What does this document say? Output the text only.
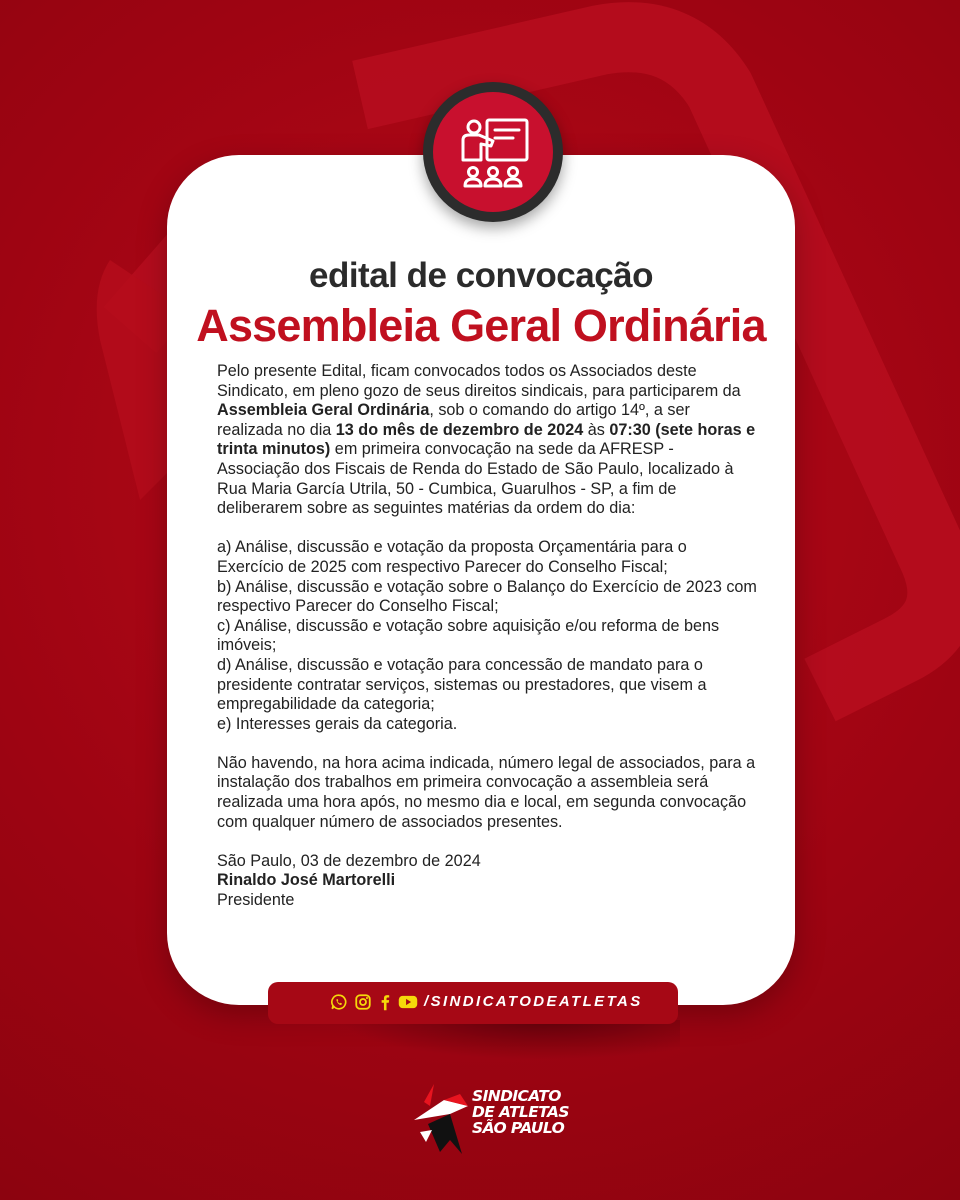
edital de convocação
Assembleia Geral Ordinária

Pelo presente Edital, ficam convocados todos os Associados deste Sindicato, em pleno gozo de seus direitos sindicais, para participarem da Assembleia Geral Ordinária, sob o comando do artigo 14º, a ser realizada no dia 13 do mês de dezembro de 2024 às 07:30 (sete horas e trinta minutos) em primeira convocação na sede da AFRESP - Associação dos Fiscais de Renda do Estado de São Paulo, localizado à Rua Maria García Utrila, 50 - Cumbica, Guarulhos - SP, a fim de deliberarem sobre as seguintes matérias da ordem do dia:

a) Análise, discussão e votação da proposta Orçamentária para o Exercício de 2025 com respectivo Parecer do Conselho Fiscal;

b) Análise, discussão e votação sobre o Balanço do Exercício de 2023 com respectivo Parecer do Conselho Fiscal;

c) Análise, discussão e votação sobre aquisição e/ou reforma de bens imóveis;

d) Análise, discussão e votação para concessão de mandato para o presidente contratar serviços, sistemas ou prestadores, que visem a empregabilidade da categoria;

e) Interesses gerais da categoria.

Não havendo, na hora acima indicada, número legal de associados, para a instalação dos trabalhos em primeira convocação a assembleia será realizada uma hora após, no mesmo dia e local, em segunda convocação com qualquer número de associados presentes.

São Paulo, 03 de dezembro de 2024

Rinaldo José Martorelli

Presidente

/SINDICATODEATLETAS
SINDICATO
DE ATLETAS
SÃO PAULO
